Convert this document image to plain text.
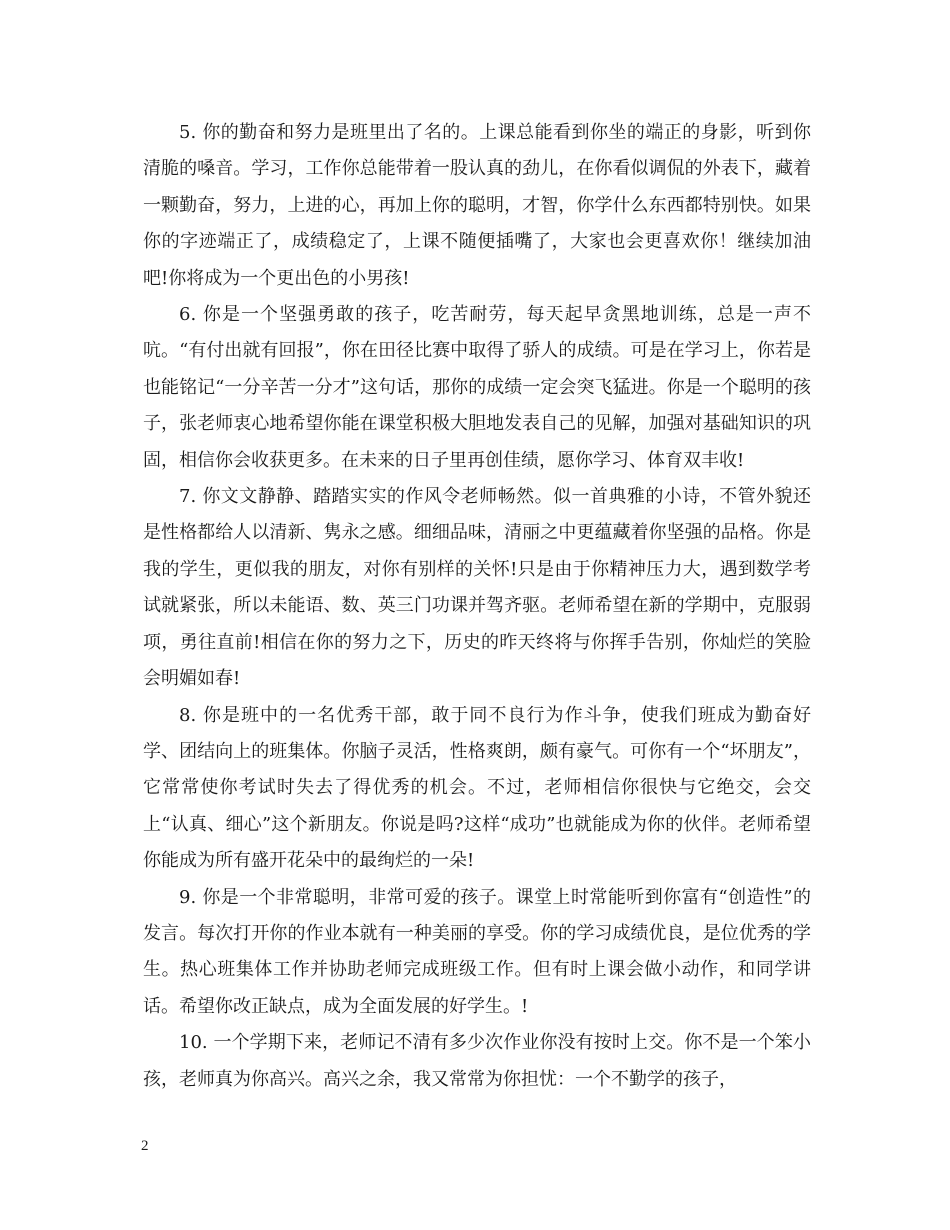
5. 你的勤奋和努力是班里出了名的。上课总能看到你坐的端正的身影，听到你清脆的嗓音。学习，工作你总能带着一股认真的劲儿，在你看似调侃的外表下，藏着一颗勤奋，努力，上进的心，再加上你的聪明，才智，你学什么东西都特别快。如果你的字迹端正了，成绩稳定了，上课不随便插嘴了，大家也会更喜欢你！继续加油吧!你将成为一个更出色的小男孩!

6. 你是一个坚强勇敢的孩子，吃苦耐劳，每天起早贪黑地训练，总是一声不吭。“有付出就有回报”，你在田径比赛中取得了骄人的成绩。可是在学习上，你若是也能铭记“一分辛苦一分才”这句话，那你的成绩一定会突飞猛进。你是一个聪明的孩子，张老师衷心地希望你能在课堂积极大胆地发表自己的见解，加强对基础知识的巩固，相信你会收获更多。在未来的日子里再创佳绩，愿你学习、体育双丰收!

7. 你文文静静、踏踏实实的作风令老师畅然。似一首典雅的小诗，不管外貌还是性格都给人以清新、隽永之感。细细品味，清丽之中更蕴藏着你坚强的品格。你是我的学生，更似我的朋友，对你有别样的关怀!只是由于你精神压力大，遇到数学考试就紧张，所以未能语、数、英三门功课并驾齐驱。老师希望在新的学期中，克服弱项，勇往直前!相信在你的努力之下，历史的昨天终将与你挥手告别，你灿烂的笑脸会明媚如春!

8. 你是班中的一名优秀干部，敢于同不良行为作斗争，使我们班成为勤奋好学、团结向上的班集体。你脑子灵活，性格爽朗，颇有豪气。可你有一个“坏朋友”，它常常使你考试时失去了得优秀的机会。不过，老师相信你很快与它绝交，会交上“认真、细心”这个新朋友。你说是吗?这样“成功”也就能成为你的伙伴。老师希望你能成为所有盛开花朵中的最绚烂的一朵!

9. 你是一个非常聪明，非常可爱的孩子。课堂上时常能听到你富有“创造性”的发言。每次打开你的作业本就有一种美丽的享受。你的学习成绩优良，是位优秀的学生。热心班集体工作并协助老师完成班级工作。但有时上课会做小动作，和同学讲话。希望你改正缺点，成为全面发展的好学生。!

10. 一个学期下来，老师记不清有多少次作业你没有按时上交。你不是一个笨小孩，老师真为你高兴。高兴之余，我又常常为你担忧：一个不勤学的孩子，

2
